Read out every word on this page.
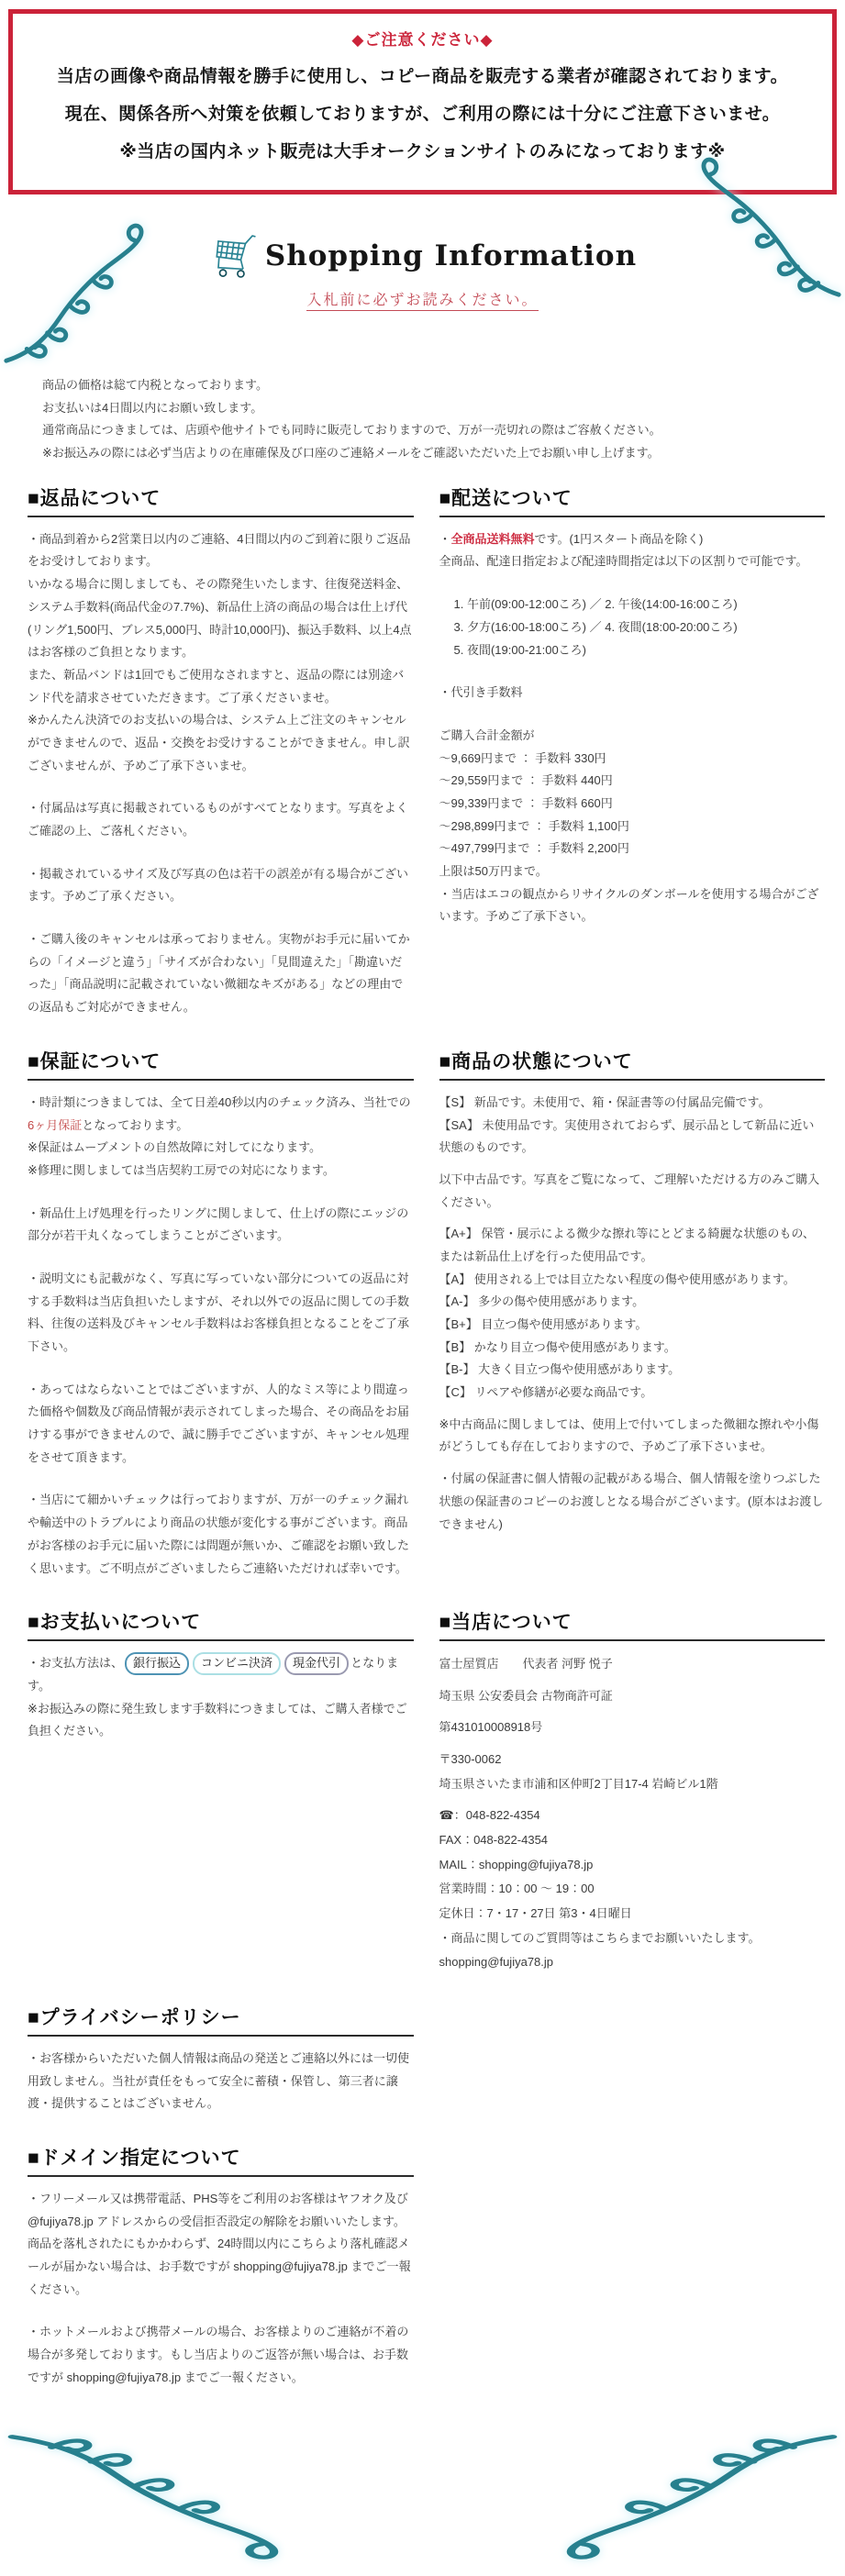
◆ご注意ください◆
当店の画像や商品情報を勝手に使用し、コピー商品を販売する業者が確認されております。
現在、関係各所へ対策を依頼しておりますが、ご利用の際には十分にご注意下さいませ。
※当店の国内ネット販売は大手オークションサイトのみになっております※
Shopping Information
入札前に必ずお読みください。

商品の価格は総て内税となっております。

お支払いは4日間以内にお願い致します。

通常商品につきましては、店頭や他サイトでも同時に販売しておりますので、万が一売切れの際はご容赦ください。

※お振込みの際には必ず当店よりの在庫確保及び口座のご連絡メールをご確認いただいた上でお願い申し上げます。

■返品について

・商品到着から2営業日以内のご連絡、4日間以内のご到着に限りご返品をお受けしております。

いかなる場合に関しましても、その際発生いたします、往復発送料金、システム手数料(商品代金の7.7%)、新品仕上済の商品の場合は仕上げ代(リング1,500円、ブレス5,000円、時計10,000円)、振込手数料、以上4点はお客様のご負担となります。

また、新品バンドは1回でもご使用なされますと、返品の際には別途バンド代を請求させていただきます。ご了承くださいませ。

※かんたん決済でのお支払いの場合は、システム上ご注文のキャンセルができませんので、返品・交換をお受けすることができません。申し訳ございませんが、予めご了承下さいませ。

・付属品は写真に掲載されているものがすべてとなります。写真をよくご確認の上、ご落札ください。

・掲載されているサイズ及び写真の色は若干の誤差が有る場合がございます。予めご了承ください。

・ご購入後のキャンセルは承っておりません。実物がお手元に届いてからの「イメージと違う」「サイズが合わない」「見間違えた」「勘違いだった」「商品説明に記載されていない微細なキズがある」などの理由での返品もご対応ができません。

■配送について

・全商品送料無料です。(1円スタート商品を除く)

全商品、配達日指定および配達時間指定は以下の区割りで可能です。

1. 午前(09:00-12:00ころ) ／ 2. 午後(14:00-16:00ころ)

3. 夕方(16:00-18:00ころ) ／ 4. 夜間(18:00-20:00ころ)

5. 夜間(19:00-21:00ころ)

・代引き手数料

ご購入合計金額が

～9,669円まで ： 手数料 330円

～29,559円まで ： 手数料 440円

～99,339円まで ： 手数料 660円

～298,899円まで ： 手数料 1,100円

～497,799円まで ： 手数料 2,200円

上限は50万円まで。

・当店はエコの観点からリサイクルのダンボールを使用する場合がございます。予めご了承下さい。

■保証について

・時計類につきましては、全て日差40秒以内のチェック済み、当社での6ヶ月保証となっております。

※保証はムーブメントの自然故障に対してになります。

※修理に関しましては当店契約工房での対応になります。

・新品仕上げ処理を行ったリングに関しまして、仕上げの際にエッジの部分が若干丸くなってしまうことがございます。

・説明文にも記載がなく、写真に写っていない部分についての返品に対する手数料は当店負担いたしますが、それ以外での返品に関しての手数料、往復の送料及びキャンセル手数料はお客様負担となることをご了承下さい。

・あってはならないことではございますが、人的なミス等により間違った価格や個数及び商品情報が表示されてしまった場合、その商品をお届けする事ができませんので、誠に勝手でございますが、キャンセル処理をさせて頂きます。

・当店にて細かいチェックは行っておりますが、万が一のチェック漏れや輸送中のトラブルにより商品の状態が変化する事がございます。商品がお客様のお手元に届いた際には問題が無いか、ご確認をお願い致したく思います。ご不明点がございましたらご連絡いただければ幸いです。

■商品の状態について

【S】 新品です。未使用で、箱・保証書等の付属品完備です。

【SA】 未使用品です。実使用されておらず、展示品として新品に近い状態のものです。

以下中古品です。写真をご覧になって、ご理解いただける方のみご購入ください。

【A+】 保管・展示による微少な擦れ等にとどまる綺麗な状態のもの、または新品仕上げを行った使用品です。

【A】 使用される上では目立たない程度の傷や使用感があります。

【A-】 多少の傷や使用感があります。

【B+】 目立つ傷や使用感があります。

【B】 かなり目立つ傷や使用感があります。

【B-】 大きく目立つ傷や使用感があります。

【C】 リペアや修繕が必要な商品です。

※中古商品に関しましては、使用上で付いてしまった微細な擦れや小傷がどうしても存在しておりますので、予めご了承下さいませ。

・付属の保証書に個人情報の記載がある場合、個人情報を塗りつぶした状態の保証書のコピーのお渡しとなる場合がございます。(原本はお渡しできません)

■お支払いについて

・お支払方法は、 銀行振込 コンビニ決済 現金代引 となります。

※お振込みの際に発生致します手数料につきましては、ご購入者様でご負担ください。

■当店について

富士屋質店　　代表者 河野 悦子

埼玉県 公安委員会 古物商許可証

第431010008918号

〒330-0062

埼玉県さいたま市浦和区仲町2丁目17-4 岩崎ビル1階

☎：048-822-4354

FAX：048-822-4354

MAIL：shopping@fujiya78.jp

営業時間：10：00 ～ 19：00

定休日：7・17・27日 第3・4日曜日

・商品に関してのご質問等はこちらまでお願いいたします。shopping@fujiya78.jp

■プライバシーポリシー

・お客様からいただいた個人情報は商品の発送とご連絡以外には一切使用致しません。当社が責任をもって安全に蓄積・保管し、第三者に譲渡・提供することはございません。

■ドメイン指定について

・フリーメール又は携帯電話、PHS等をご利用のお客様はヤフオク及び @fujiya78.jp アドレスからの受信拒否設定の解除をお願いいたします。商品を落札されたにもかかわらず、24時間以内にこちらより落札確認メールが届かない場合は、お手数ですが shopping@fujiya78.jp までご一報ください。

・ホットメールおよび携帯メールの場合、お客様よりのご連絡が不着の場合が多発しております。もし当店よりのご返答が無い場合は、お手数ですが shopping@fujiya78.jp までご一報ください。
